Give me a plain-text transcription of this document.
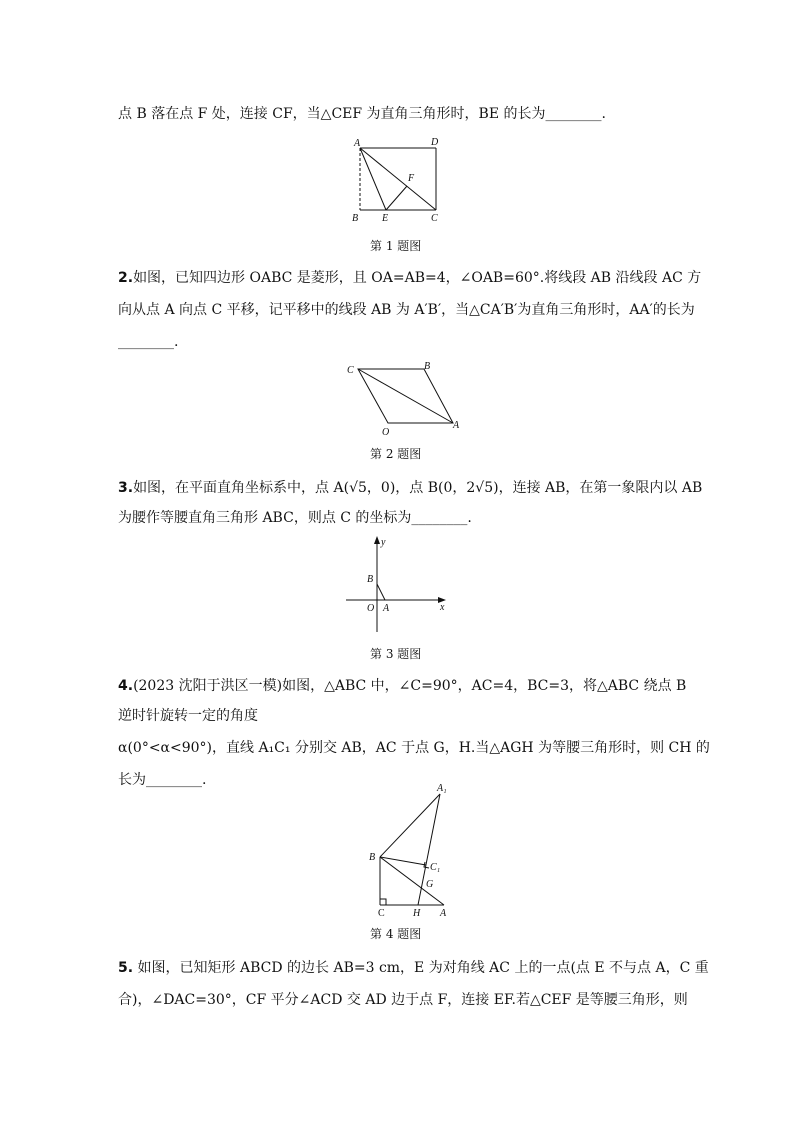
点 B 落在点 F 处，连接 CF，当△CEF 为直角三角形时，BE 的长为________.
A	D
F
B E	C
第 1 题图
2.如图，已知四边形 OABC 是菱形，且 OA=AB=4，∠OAB=60°.将线段 AB 沿线段 AC 方
向从点 A 向点 C 平移，记平移中的线段 AB 为 A′B′，当△CA′B′为直角三角形时，AA′的长为
________.
C	B
O
A
第 2 题图
3.如图，在平面直角坐标系中，点 A(√5，0)，点 B(0，2√5)，连接 AB，在第一象限内以 AB
为腰作等腰直角三角形 ABC，则点 C 的坐标为________.
y
x
B
O A
第 3 题图
4.(2023 沈阳于洪区一模)如图，△ABC 中，∠C=90°，AC=4，BC=3，将△ABC 绕点 B
逆时针旋转一定的角度
α(0°<α<90°)，直线 A₁C₁ 分别交 AB，AC 于点 G，H.当△AGH 为等腰三角形时，则 CH 的
长为________.
A₁
B
C₁
G
C	H A
第 4 题图
5. 如图，已知矩形 ABCD 的边长 AB=3 cm，E 为对角线 AC 上的一点(点 E 不与点 A，C 重
合)，∠DAC=30°，CF 平分∠ACD 交 AD 边于点 F，连接 EF.若△CEF 是等腰三角形，则
